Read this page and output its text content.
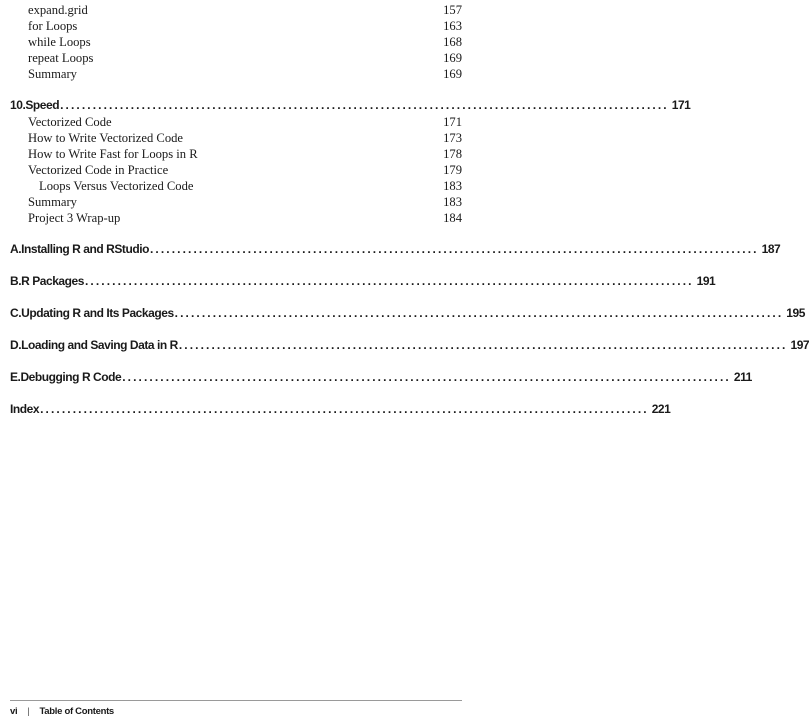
expand.grid	157
for Loops	163
while Loops	168
repeat Loops	169
Summary	169
10. Speed ................................................................................................................ 171
Vectorized Code	171
How to Write Vectorized Code	173
How to Write Fast for Loops in R	178
Vectorized Code in Practice	179
Loops Versus Vectorized Code	183
Summary	183
Project 3 Wrap-up	184
A. Installing R and RStudio ................................................................................................................ 187
B. R Packages ................................................................................................................ 191
C. Updating R and Its Packages ................................................................................................................ 195
D. Loading and Saving Data in R ................................................................................................................ 197
E. Debugging R Code ................................................................................................................ 211
Index ................................................................................................................ 221
vi | Table of Contents
